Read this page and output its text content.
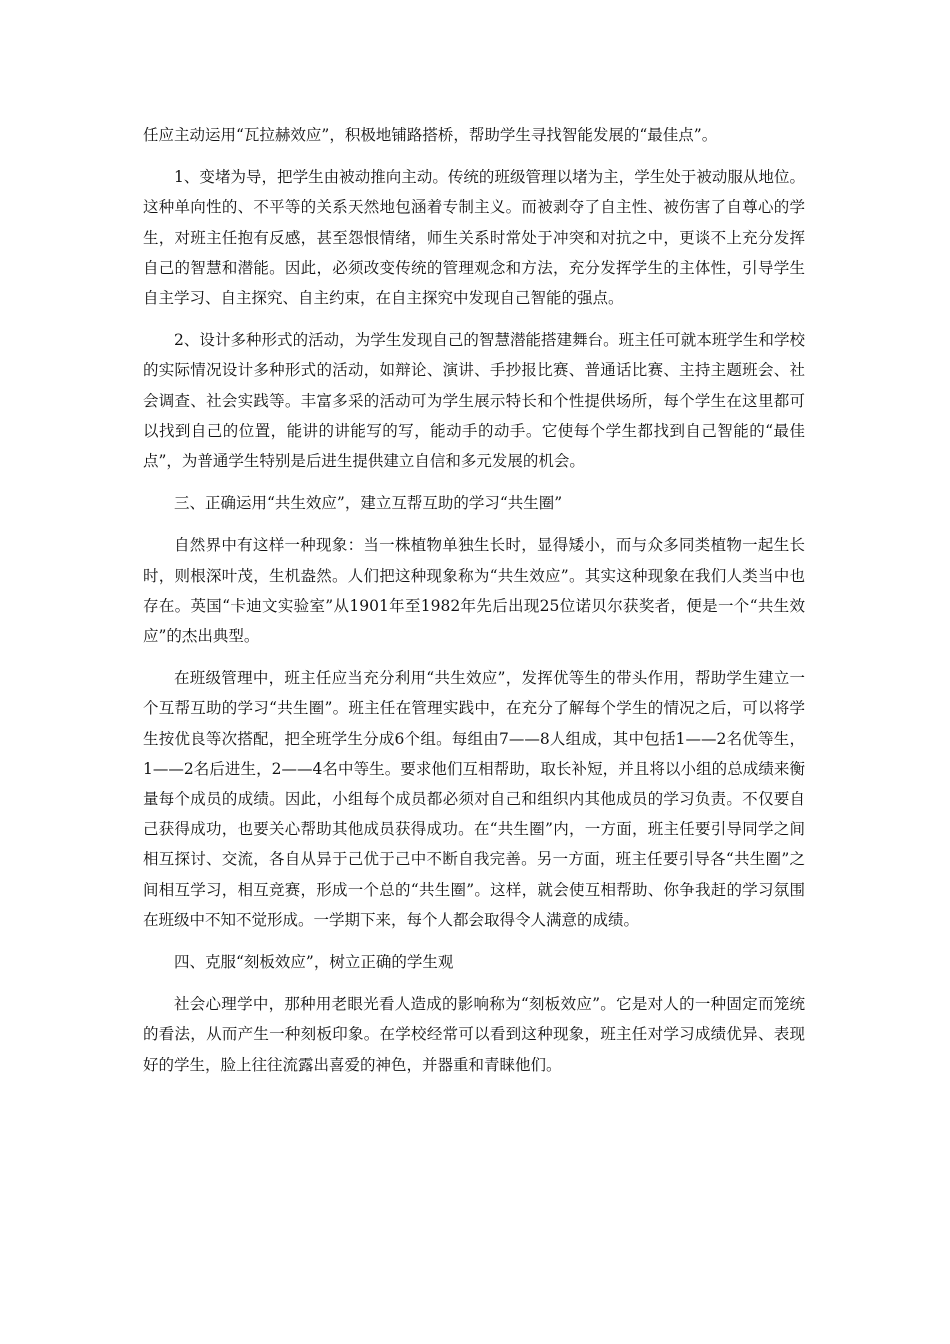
任应主动运用“瓦拉赫效应”，积极地铺路搭桥，帮助学生寻找智能发展的“最佳点”。

1、变堵为导，把学生由被动推向主动。传统的班级管理以堵为主，学生处于被动服从地位。这种单向性的、不平等的关系天然地包涵着专制主义。而被剥夺了自主性、被伤害了自尊心的学生，对班主任抱有反感，甚至怨恨情绪，师生关系时常处于冲突和对抗之中，更谈不上充分发挥自己的智慧和潜能。因此，必须改变传统的管理观念和方法，充分发挥学生的主体性，引导学生自主学习、自主探究、自主约束，在自主探究中发现自己智能的强点。

2、设计多种形式的活动，为学生发现自己的智慧潜能搭建舞台。班主任可就本班学生和学校的实际情况设计多种形式的活动，如辩论、演讲、手抄报比赛、普通话比赛、主持主题班会、社会调查、社会实践等。丰富多采的活动可为学生展示特长和个性提供场所，每个学生在这里都可以找到自己的位置，能讲的讲能写的写，能动手的动手。它使每个学生都找到自己智能的“最佳点”，为普通学生特别是后进生提供建立自信和多元发展的机会。

三、正确运用“共生效应”，建立互帮互助的学习“共生圈”

自然界中有这样一种现象：当一株植物单独生长时，显得矮小，而与众多同类植物一起生长时，则根深叶茂，生机盎然。人们把这种现象称为“共生效应”。其实这种现象在我们人类当中也存在。英国“卡迪文实验室”从1901年至1982年先后出现25位诺贝尔获奖者，便是一个“共生效应”的杰出典型。

在班级管理中，班主任应当充分利用“共生效应”，发挥优等生的带头作用，帮助学生建立一个互帮互助的学习“共生圈”。班主任在管理实践中，在充分了解每个学生的情况之后，可以将学生按优良等次搭配，把全班学生分成6个组。每组由7——8人组成，其中包括1——2名优等生，1——2名后进生，2——4名中等生。要求他们互相帮助，取长补短，并且将以小组的总成绩来衡量每个成员的成绩。因此，小组每个成员都必须对自己和组织内其他成员的学习负责。不仅要自己获得成功，也要关心帮助其他成员获得成功。在“共生圈”内，一方面，班主任要引导同学之间相互探讨、交流，各自从异于己优于己中不断自我完善。另一方面，班主任要引导各“共生圈”之间相互学习，相互竞赛，形成一个总的“共生圈”。这样，就会使互相帮助、你争我赶的学习氛围在班级中不知不觉形成。一学期下来，每个人都会取得令人满意的成绩。

四、克服“刻板效应”，树立正确的学生观

社会心理学中，那种用老眼光看人造成的影响称为“刻板效应”。它是对人的一种固定而笼统的看法，从而产生一种刻板印象。在学校经常可以看到这种现象，班主任对学习成绩优异、表现好的学生，脸上往往流露出喜爱的神色，并器重和青睐他们。
